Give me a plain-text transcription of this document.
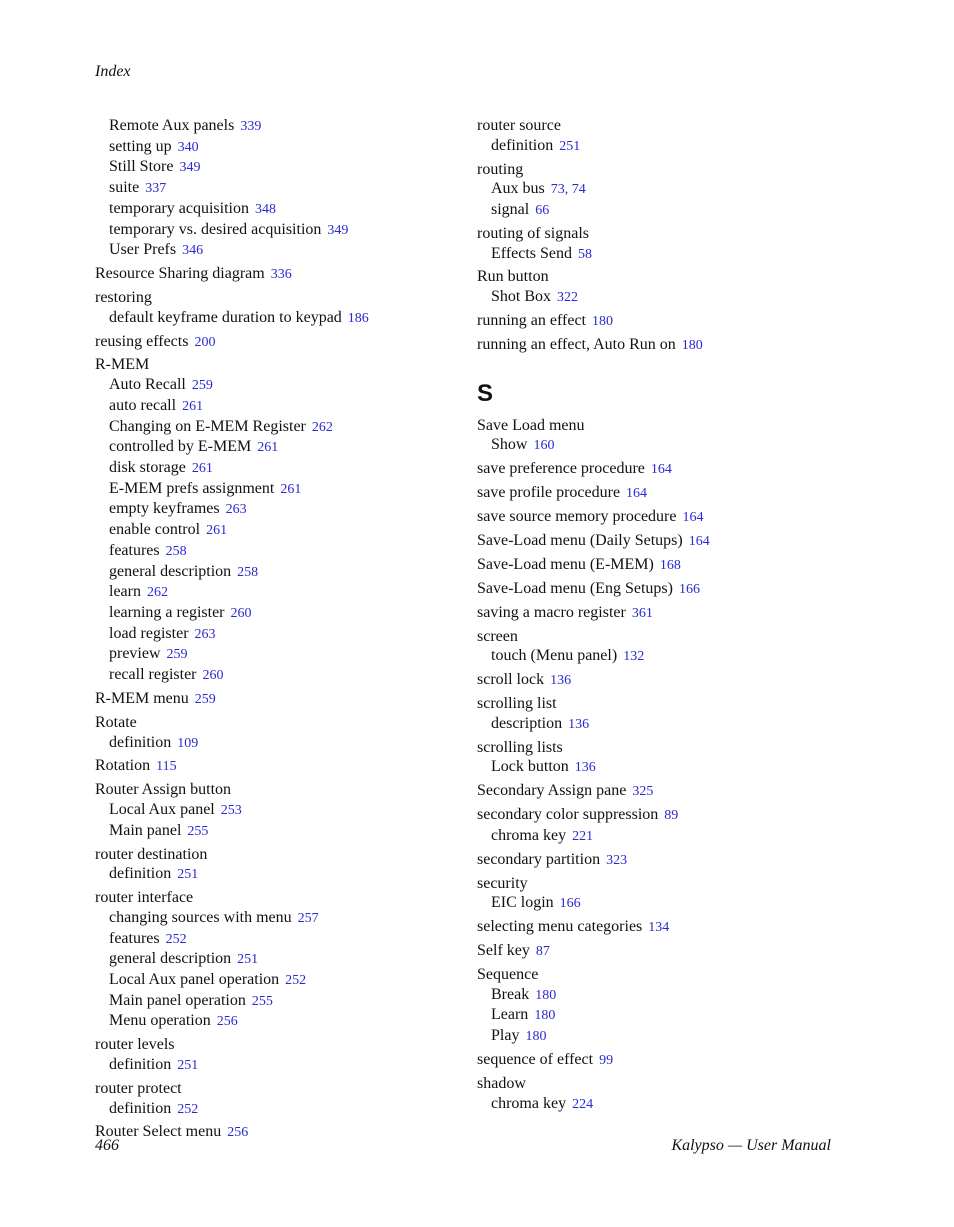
Index
Remote Aux panels 339
setting up 340
Still Store 349
suite 337
temporary acquisition 348
temporary vs. desired acquisition 349
User Prefs 346
Resource Sharing diagram 336
restoring
default keyframe duration to keypad 186
reusing effects 200
R-MEM
Auto Recall 259
auto recall 261
Changing on E-MEM Register 262
controlled by E-MEM 261
disk storage 261
E-MEM prefs assignment 261
empty keyframes 263
enable control 261
features 258
general description 258
learn 262
learning a register 260
load register 263
preview 259
recall register 260
R-MEM menu 259
Rotate
definition 109
Rotation 115
Router Assign button
Local Aux panel 253
Main panel 255
router destination
definition 251
router interface
changing sources with menu 257
features 252
general description 251
Local Aux panel operation 252
Main panel operation 255
Menu operation 256
router levels
definition 251
router protect
definition 252
Router Select menu 256
router source
definition 251
routing
Aux bus 73, 74
signal 66
routing of signals
Effects Send 58
Run button
Shot Box 322
running an effect 180
running an effect, Auto Run on 180
S
Save Load menu
Show 160
save preference procedure 164
save profile procedure 164
save source memory procedure 164
Save-Load menu (Daily Setups) 164
Save-Load menu (E-MEM) 168
Save-Load menu (Eng Setups) 166
saving a macro register 361
screen
touch (Menu panel) 132
scroll lock 136
scrolling list
description 136
scrolling lists
Lock button 136
Secondary Assign pane 325
secondary color suppression 89
chroma key 221
secondary partition 323
security
EIC login 166
selecting menu categories 134
Self key 87
Sequence
Break 180
Learn 180
Play 180
sequence of effect 99
shadow
chroma key 224
466	Kalypso — User Manual
